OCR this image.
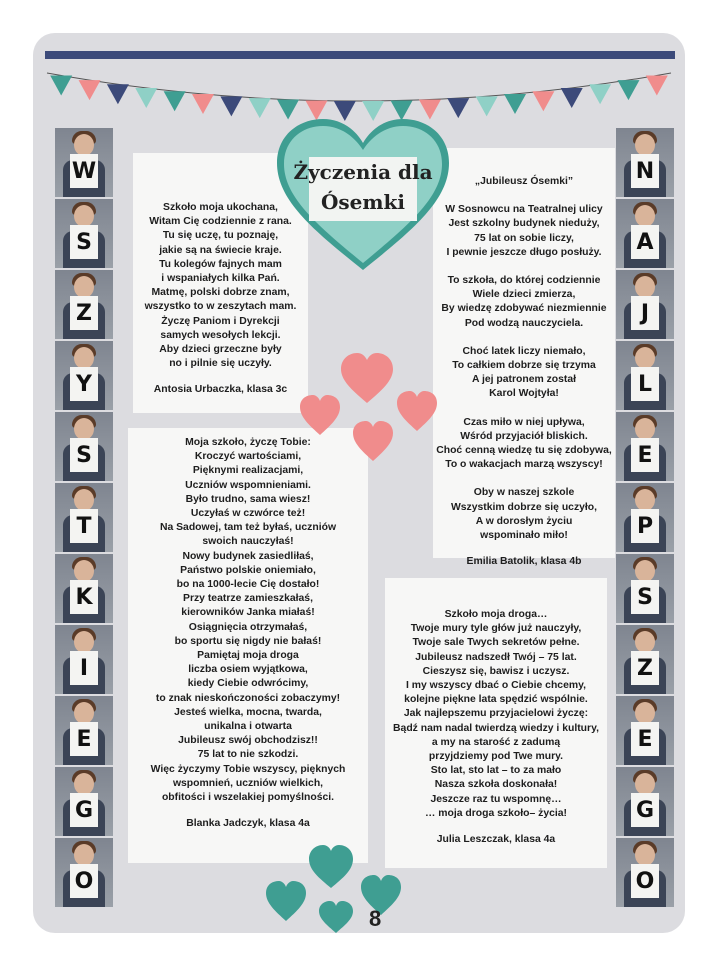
Życzenia dla Ósemki
W
S
Z
Y
S
T
K
I
E
G
O
N
A
J
L
E
P
S
Z
E
G
O
Szkoło moja ukochana,
Witam Cię codziennie z rana.
Tu się uczę, tu poznaję,
jakie są na świecie kraje.
Tu kolegów fajnych mam
i wspaniałych kilka Pań.
Matmę, polski dobrze znam,
wszystko to w zeszytach mam.
Życzę Paniom i Dyrekcji
samych wesołych lekcji.
Aby dzieci grzeczne były
no i pilnie się uczyły.
Antosia Urbaczka, klasa 3c
Moja szkoło, życzę Tobie:
Kroczyć wartościami,
Pięknymi realizacjami,
Uczniów wspomnieniami.
Było trudno, sama wiesz!
Uczyłaś w czwórce też!
Na Sadowej, tam też byłaś, uczniów
swoich nauczyłaś!
Nowy budynek zasiedliłaś,
Państwo polskie oniemiało,
bo na 1000-lecie Cię dostało!
Przy teatrze zamieszkałaś,
kierowników Janka miałaś!
Osiągnięcia otrzymałaś,
bo sportu się nigdy nie bałaś!
Pamiętaj moja droga
liczba osiem wyjątkowa,
kiedy Ciebie odwrócimy,
to znak nieskończoności zobaczymy!
Jesteś wielka, mocna, twarda,
unikalna i otwarta
Jubileusz swój obchodzisz!!
75 lat to nie szkodzi.
Więc życzymy Tobie wszyscy, pięknych
wspomnień, uczniów wielkich,
obfitości i wszelakiej pomyślności.
Blanka Jadczyk, klasa 4a
„Jubileusz Ósemki”
W Sosnowcu na Teatralnej ulicy
Jest szkolny budynek nieduży,
75 lat on sobie liczy,
I pewnie jeszcze długo posłuży.
To szkoła, do której codziennie
Wiele dzieci zmierza,
By wiedzę zdobywać niezmiennie
Pod wodzą nauczyciela.
Choć latek liczy niemało,
To całkiem dobrze się trzyma
A jej patronem został
Karol Wojtyła!
Czas miło w niej upływa,
Wśród przyjaciół bliskich.
Choć cenną wiedzę tu się zdobywa,
To o wakacjach marzą wszyscy!
Oby w naszej szkole
Wszystkim dobrze się uczyło,
A w dorosłym życiu
wspominało miło!
Emilia Batolik, klasa 4b
Szkoło moja droga…
Twoje mury tyle głów już nauczyły,
Twoje sale Twych sekretów pełne.
Jubileusz nadszedł Twój – 75 lat.
Cieszysz się, bawisz i uczysz.
I my wszyscy dbać o Ciebie chcemy,
kolejne piękne lata spędzić wspólnie.
Jak najlepszemu przyjacielowi życzę:
Bądź nam nadal twierdzą wiedzy i kultury,
a my na starość z zadumą
przyjdziemy pod Twe mury.
Sto lat, sto lat – to za mało
Nasza szkoła doskonała!
Jeszcze raz tu wspomnę…
… moja droga szkoło– życia!
Julia Leszczak, klasa 4a
8
